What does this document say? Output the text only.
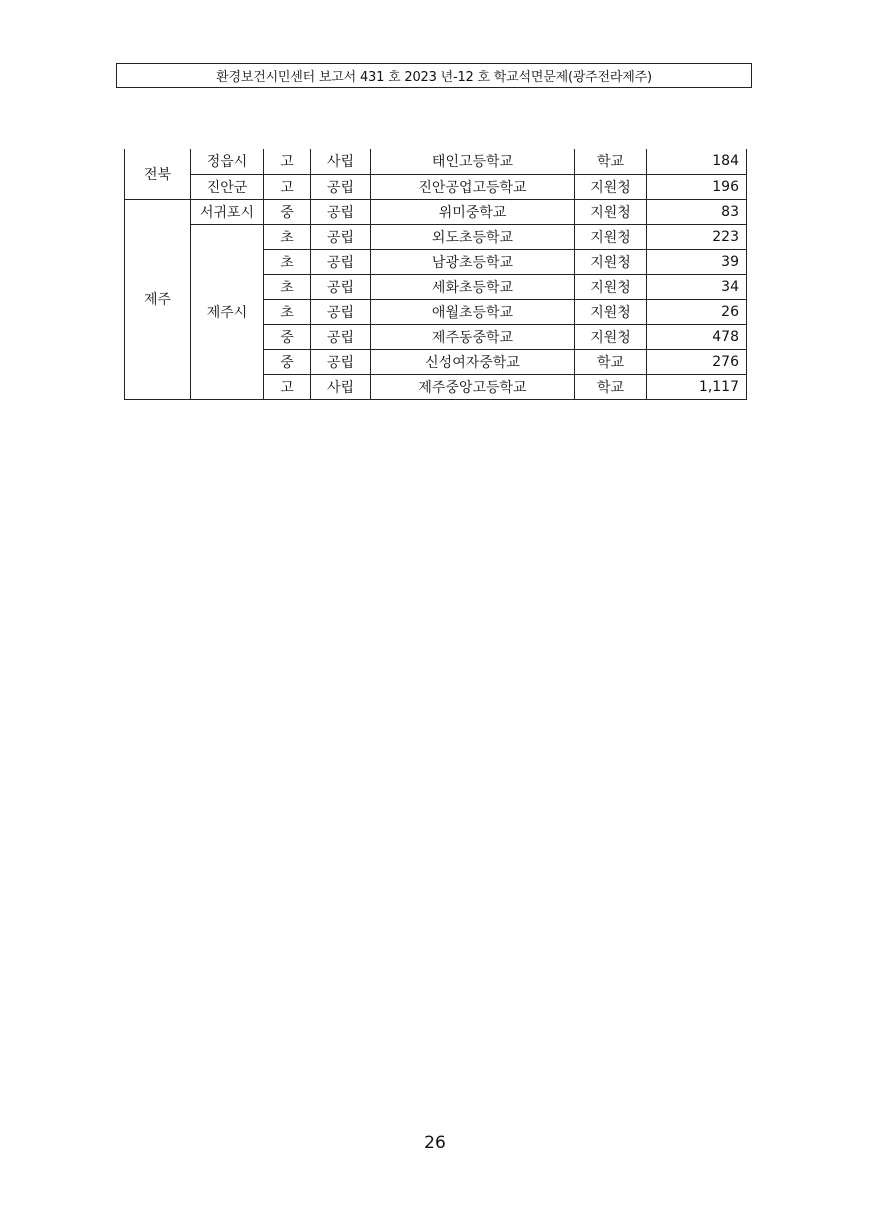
환경보건시민센터 보고서 431 호 2023 년-12 호 학교석면문제(광주전라제주)
전북	정읍시	고	사립	태인고등학교	학교	184
	진안군	고	공립	진안공업고등학교	지원청	196
제주	서귀포시	중	공립	위미중학교	지원청	83
	제주시	초	공립	외도초등학교	지원청	223
		초	공립	남광초등학교	지원청	39
		초	공립	세화초등학교	지원청	34
		초	공립	애월초등학교	지원청	26
		중	공립	제주동중학교	지원청	478
		중	공립	신성여자중학교	학교	276
		고	사립	제주중앙고등학교	학교	1,117
26
